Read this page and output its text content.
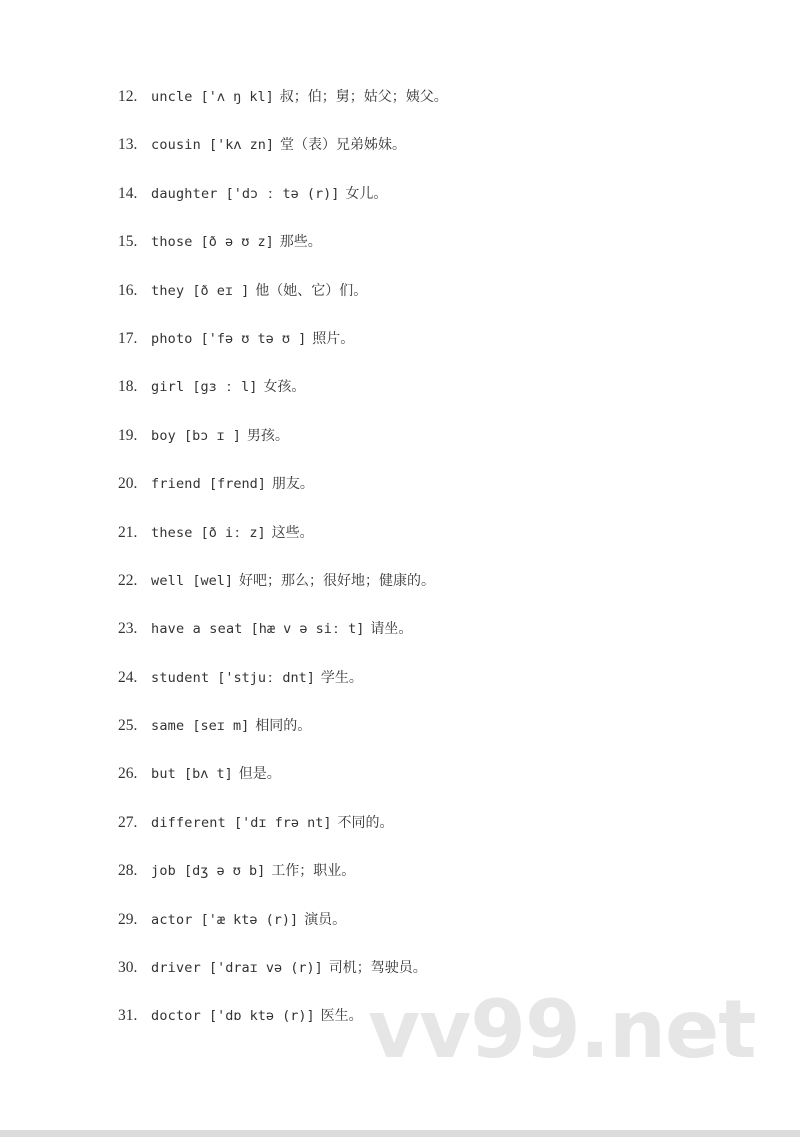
12. uncle ['ʌ ŋ kl] 叔；伯；舅；姑父；姨父。
13. cousin ['kʌ zn] 堂（表）兄弟姊妹。
14. daughter ['dɔ ː tə (r)] 女儿。
15. those [ð ə ʊ z] 那些。
16. they [ð eɪ ] 他（她、它）们。
17. photo ['fə ʊ tə ʊ ] 照片。
18. girl [gɜ ː l] 女孩。
19. boy [bɔ ɪ ] 男孩。
20. friend [frend] 朋友。
21. these [ð iː z] 这些。
22. well [wel] 好吧；那么；很好地；健康的。
23. have a seat [hæ v ə siː t] 请坐。
24. student ['stjuː dnt] 学生。
25. same [seɪ m] 相同的。
26. but [bʌ t] 但是。
27. different ['dɪ frə nt] 不同的。
28. job [dʒ ə ʊ b] 工作；职业。
29. actor ['æ ktə (r)] 演员。
30. driver ['draɪ və (r)] 司机；驾驶员。
31. doctor ['dɒ ktə (r)] 医生。 vv99.net
